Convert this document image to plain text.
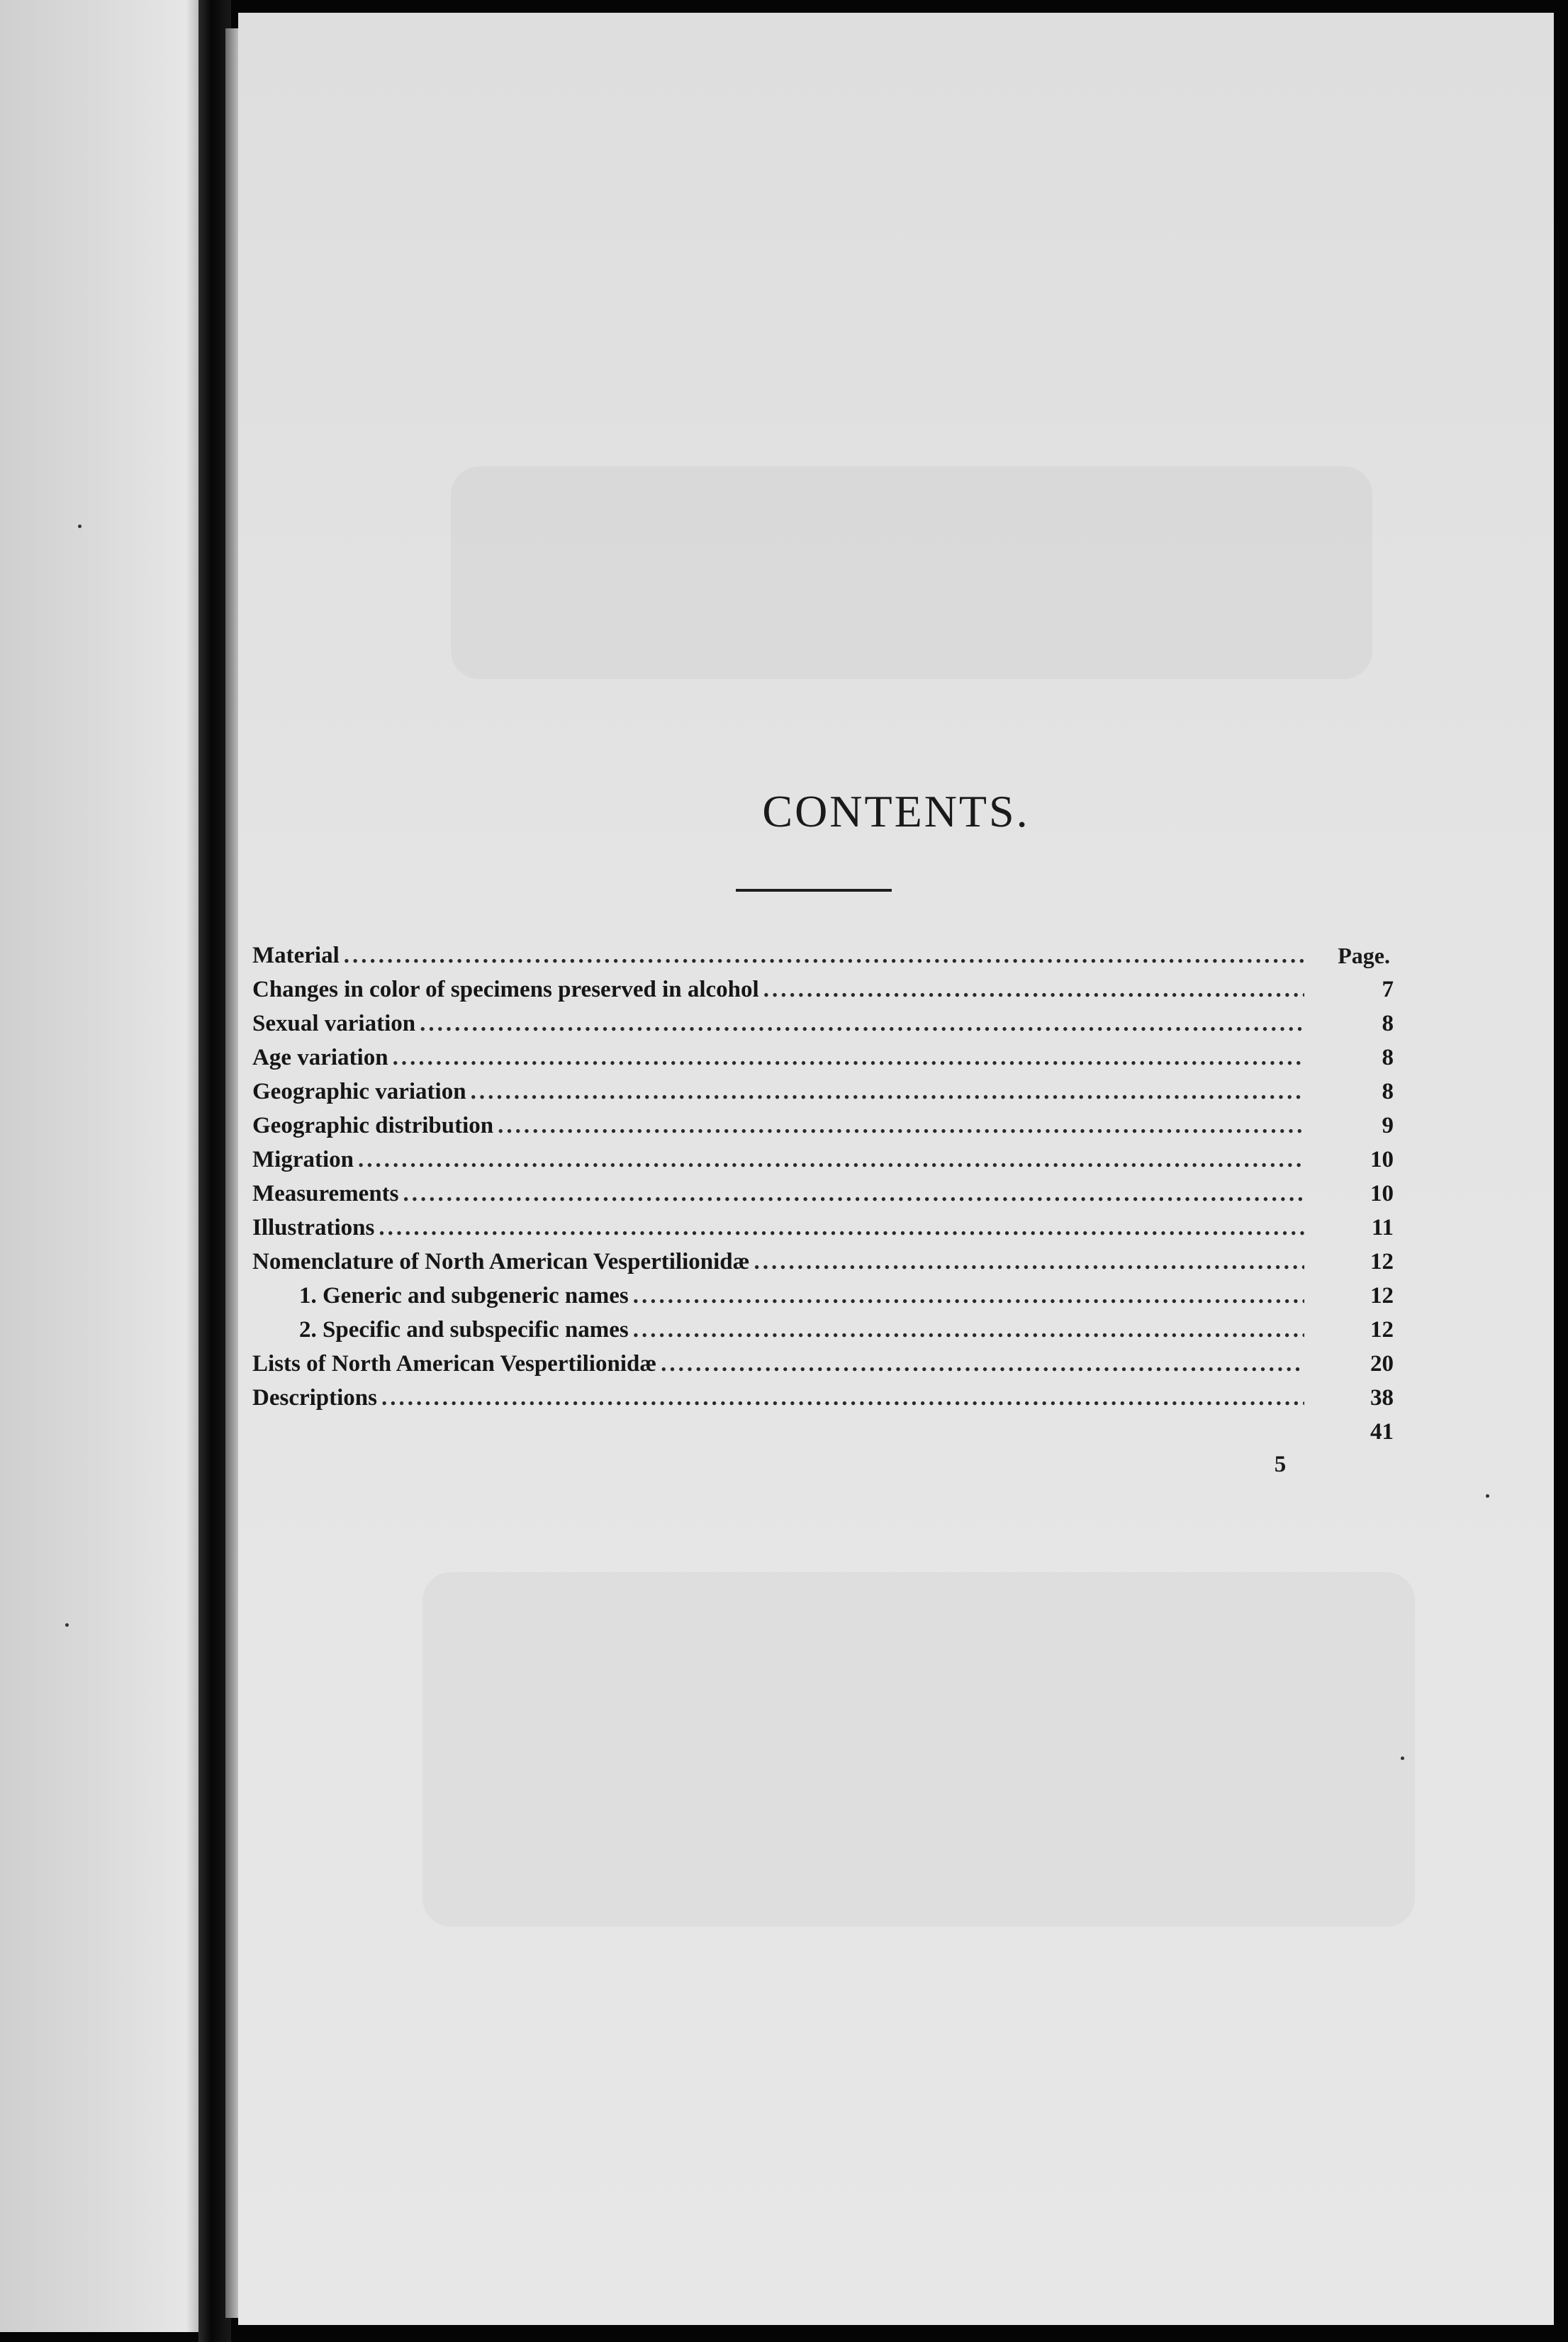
CONTENTS.
Page.
Material
.....
Changes in color of specimens preserved in alcohol
.....
Sexual variation
.....
Age variation
.....
Geographic variation
.....
Geographic distribution
.....
Migration
.....
Measurements
.....
Illustrations
.....
Nomenclature of North American Vespertilionidæ
.....
1. Generic and subgeneric names
.....
2. Specific and subspecific names
.....
Lists of North American Vespertilionidæ
.....
Descriptions
.....
7
8
8
8
9
10
10
11
12
12
12
20
38
41
5
